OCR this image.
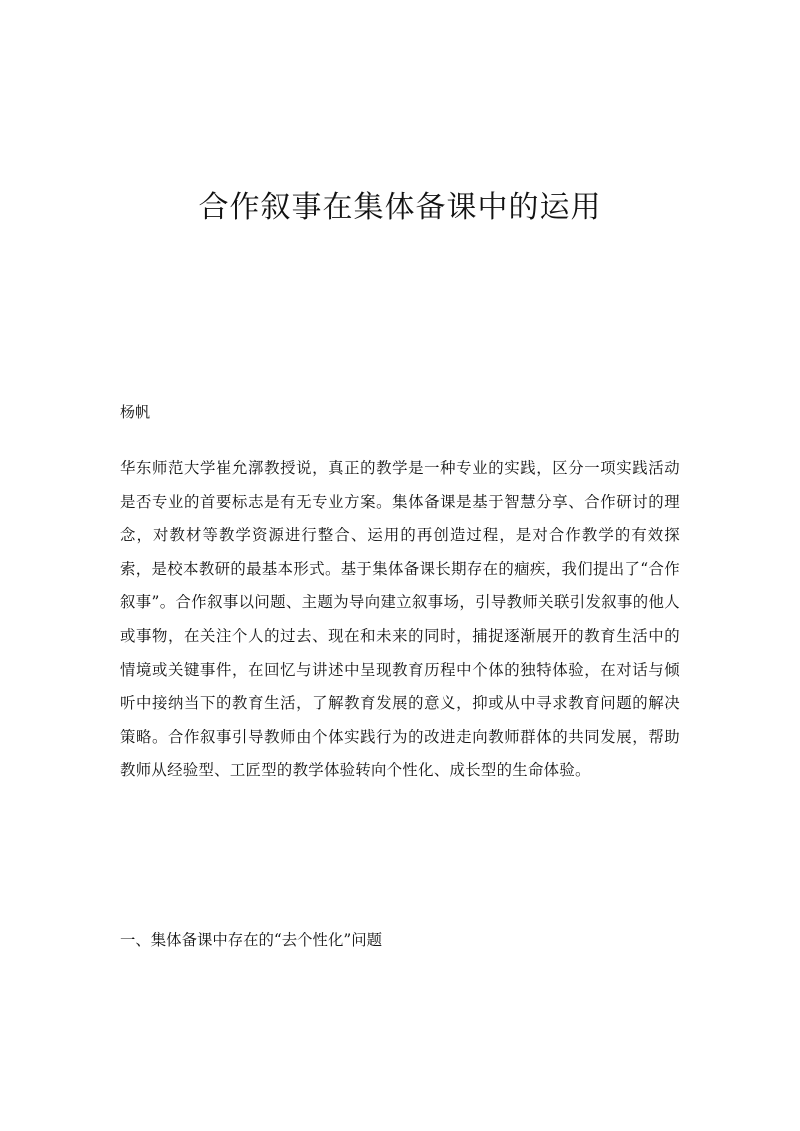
合作叙事在集体备课中的运用

杨帆

华东师范大学崔允漷教授说，真正的教学是一种专业的实践，区分一项实践活动是否专业的首要标志是有无专业方案。集体备课是基于智慧分享、合作研讨的理念，对教材等教学资源进行整合、运用的再创造过程，是对合作教学的有效探索，是校本教研的最基本形式。基于集体备课长期存在的痼疾，我们提出了“合作叙事”。合作叙事以问题、主题为导向建立叙事场，引导教师关联引发叙事的他人或事物，在关注个人的过去、现在和未来的同时，捕捉逐渐展开的教育生活中的情境或关键事件，在回忆与讲述中呈现教育历程中个体的独特体验，在对话与倾听中接纳当下的教育生活，了解教育发展的意义，抑或从中寻求教育问题的解决策略。合作叙事引导教师由个体实践行为的改进走向教师群体的共同发展，帮助教师从经验型、工匠型的教学体验转向个性化、成长型的生命体验。

一、集体备课中存在的“去个性化”问题
